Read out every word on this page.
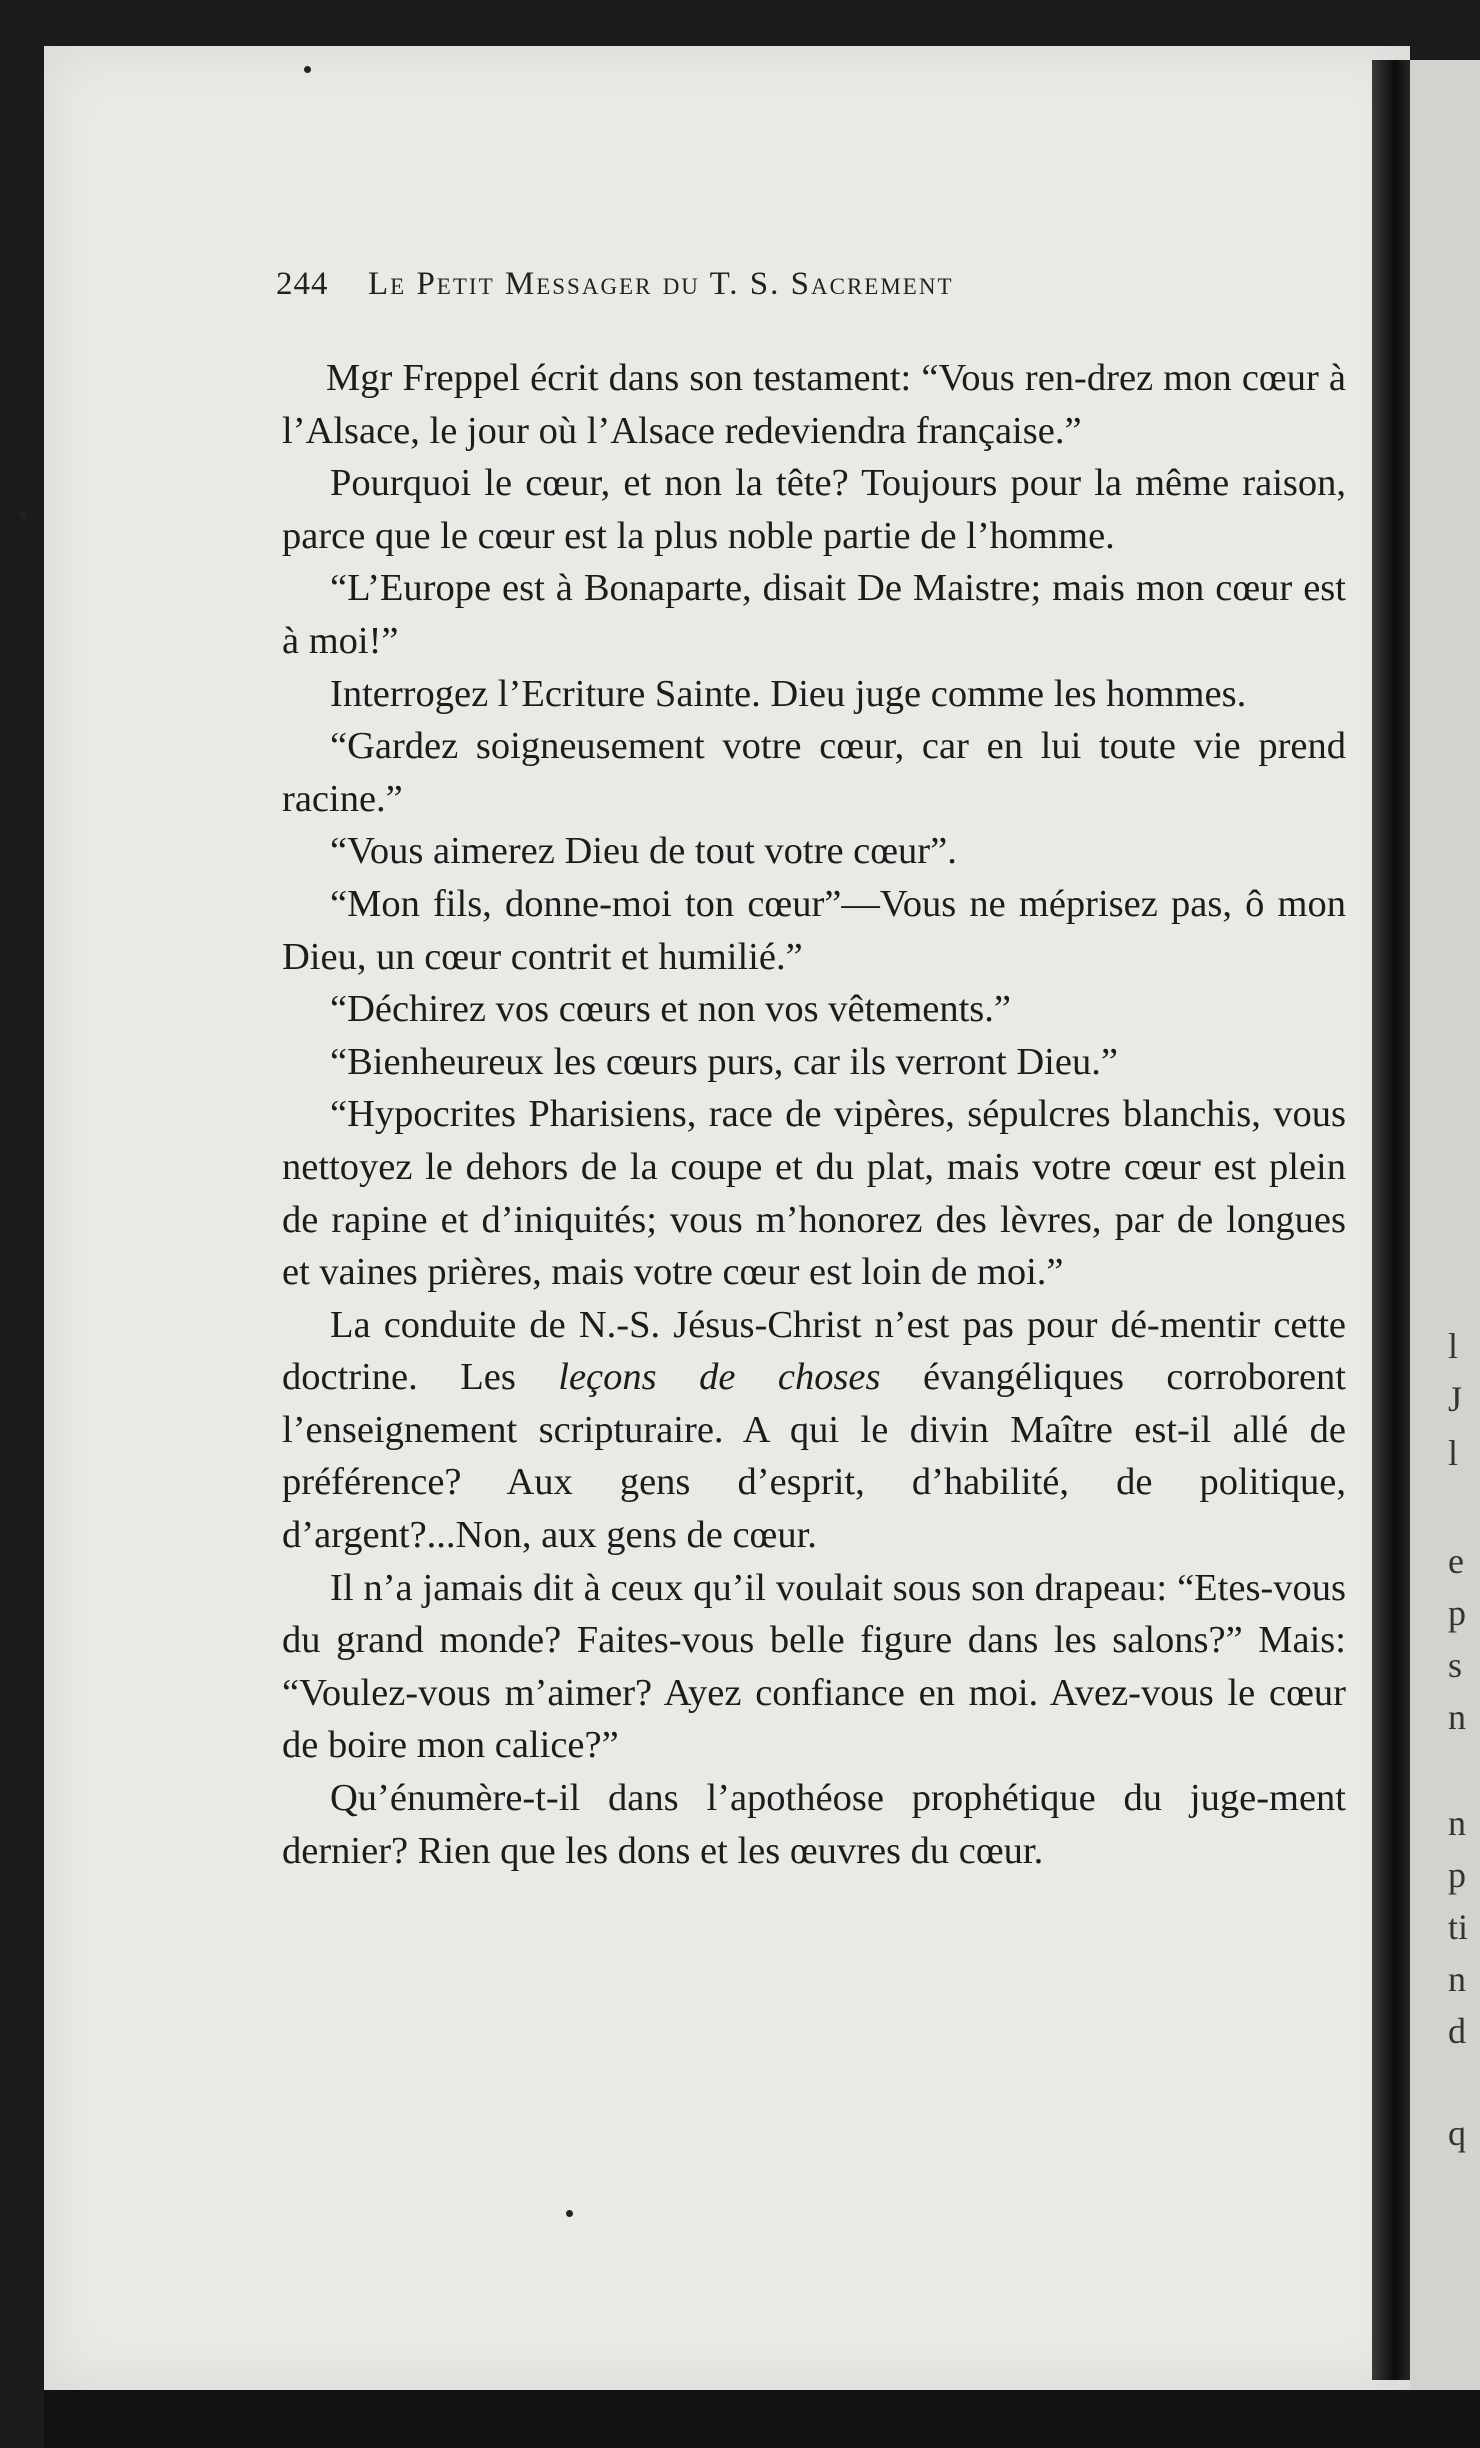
l
J
l
e
p
s
n
n
p
ti
n
d
q
244 Le Petit Messager du T. S. Sacrement

Mgr Freppel écrit dans son testament: “Vous ren-drez mon cœur à l’Alsace, le jour où l’Alsace redeviendra française.”

Pourquoi le cœur, et non la tête? Toujours pour la même raison, parce que le cœur est la plus noble partie de l’homme.

“L’Europe est à Bonaparte, disait De Maistre; mais mon cœur est à moi!”

Interrogez l’Ecriture Sainte. Dieu juge comme les hommes.

“Gardez soigneusement votre cœur, car en lui toute vie prend racine.”

“Vous aimerez Dieu de tout votre cœur”.

“Mon fils, donne-moi ton cœur”—Vous ne méprisez pas, ô mon Dieu, un cœur contrit et humilié.”

“Déchirez vos cœurs et non vos vêtements.”

“Bienheureux les cœurs purs, car ils verront Dieu.”

“Hypocrites Pharisiens, race de vipères, sépulcres blanchis, vous nettoyez le dehors de la coupe et du plat, mais votre cœur est plein de rapine et d’iniquités; vous m’honorez des lèvres, par de longues et vaines prières, mais votre cœur est loin de moi.”

La conduite de N.-S. Jésus-Christ n’est pas pour dé-mentir cette doctrine. Les leçons de choses évangéliques corroborent l’enseignement scripturaire. A qui le divin Maître est-il allé de préférence? Aux gens d’esprit, d’habilité, de politique, d’argent?...Non, aux gens de cœur.

Il n’a jamais dit à ceux qu’il voulait sous son drapeau: “Etes-vous du grand monde? Faites-vous belle figure dans les salons?” Mais: “Voulez-vous m’aimer? Ayez confiance en moi. Avez-vous le cœur de boire mon calice?”

Qu’énumère-t-il dans l’apothéose prophétique du juge-ment dernier? Rien que les dons et les œuvres du cœur.
